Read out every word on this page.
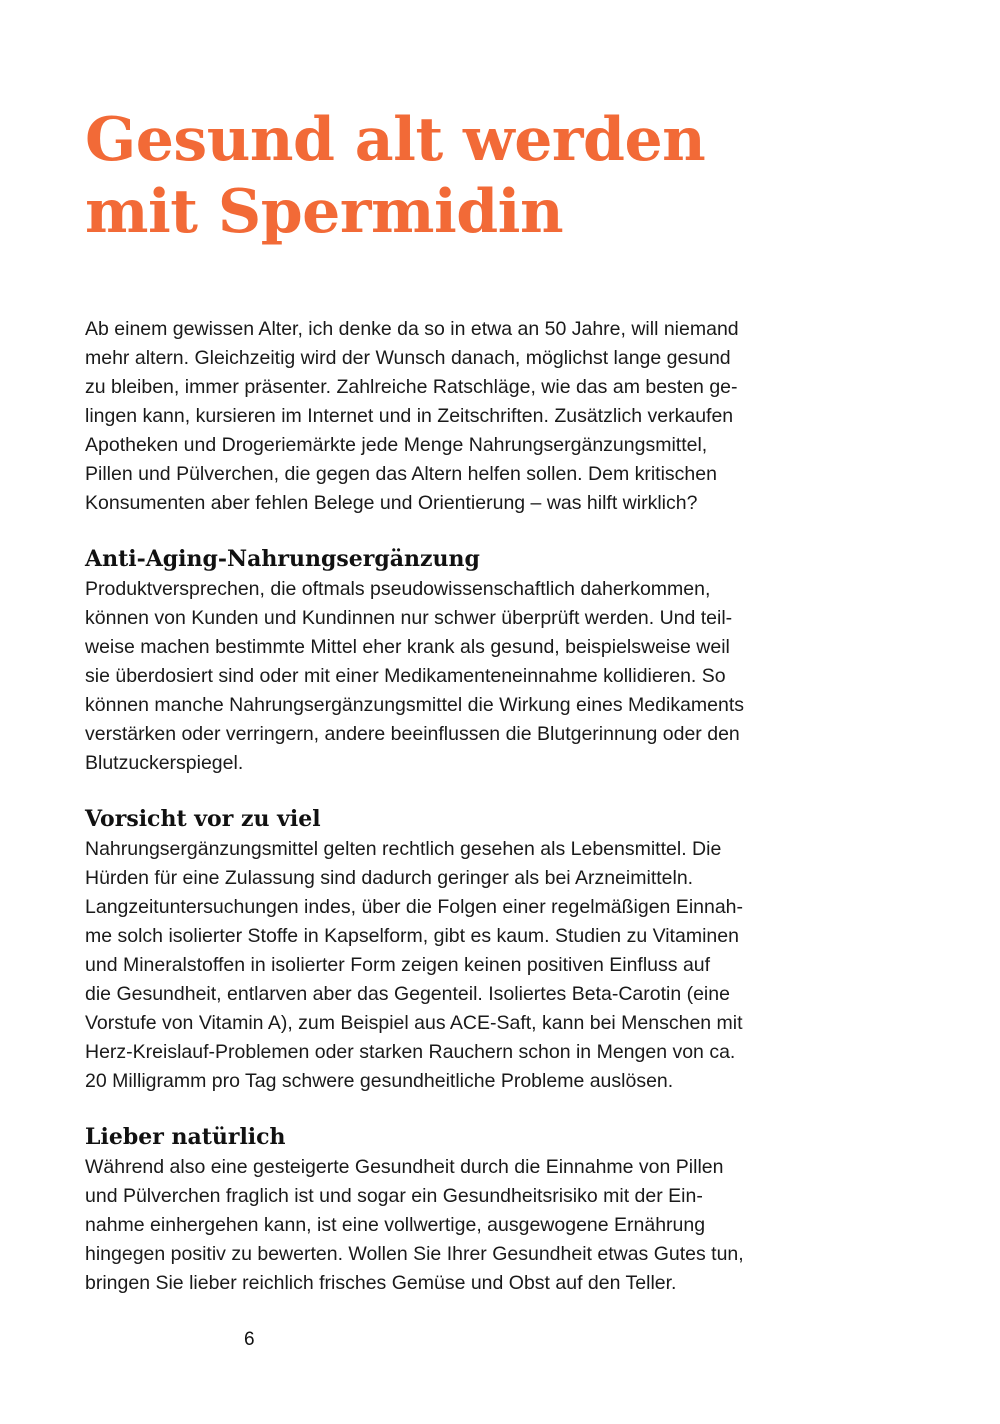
Gesund alt werden
mit Spermidin

Ab einem gewissen Alter, ich denke da so in etwa an 50 Jahre, will niemand
mehr altern. Gleichzeitig wird der Wunsch danach, möglichst lange gesund
zu bleiben, immer präsenter. Zahlreiche Ratschläge, wie das am besten ge-
lingen kann, kursieren im Internet und in Zeitschriften. Zusätzlich verkaufen
Apotheken und Drogeriemärkte jede Menge Nahrungsergänzungsmittel,
Pillen und Pülverchen, die gegen das Altern helfen sollen. Dem kritischen
Konsumenten aber fehlen Belege und Orientierung – was hilft wirklich?

Anti-Aging-Nahrungsergänzung

Produktversprechen, die oftmals pseudowissenschaftlich daherkommen,
können von Kunden und Kundinnen nur schwer überprüft werden. Und teil-
weise machen bestimmte Mittel eher krank als gesund, beispielsweise weil
sie überdosiert sind oder mit einer Medikamenteneinnahme kollidieren. So
können manche Nahrungsergänzungsmittel die Wirkung eines Medikaments
verstärken oder verringern, andere beeinflussen die Blutgerinnung oder den
Blutzuckerspiegel.

Vorsicht vor zu viel

Nahrungsergänzungsmittel gelten rechtlich gesehen als Lebensmittel. Die
Hürden für eine Zulassung sind dadurch geringer als bei Arzneimitteln.
Langzeituntersuchungen indes, über die Folgen einer regelmäßigen Einnah-
me solch isolierter Stoffe in Kapselform, gibt es kaum. Studien zu Vitaminen
und Mineralstoffen in isolierter Form zeigen keinen positiven Einfluss auf
die Gesundheit, entlarven aber das Gegenteil. Isoliertes Beta-Carotin (eine
Vorstufe von Vitamin A), zum Beispiel aus ACE-Saft, kann bei Menschen mit
Herz-Kreislauf-Problemen oder starken Rauchern schon in Mengen von ca.
20 Milligramm pro Tag schwere gesundheitliche Probleme auslösen.

Lieber natürlich

Während also eine gesteigerte Gesundheit durch die Einnahme von Pillen
und Pülverchen fraglich ist und sogar ein Gesundheitsrisiko mit der Ein-
nahme einhergehen kann, ist eine vollwertige, ausgewogene Ernährung
hingegen positiv zu bewerten. Wollen Sie Ihrer Gesundheit etwas Gutes tun,
bringen Sie lieber reichlich frisches Gemüse und Obst auf den Teller.

6
